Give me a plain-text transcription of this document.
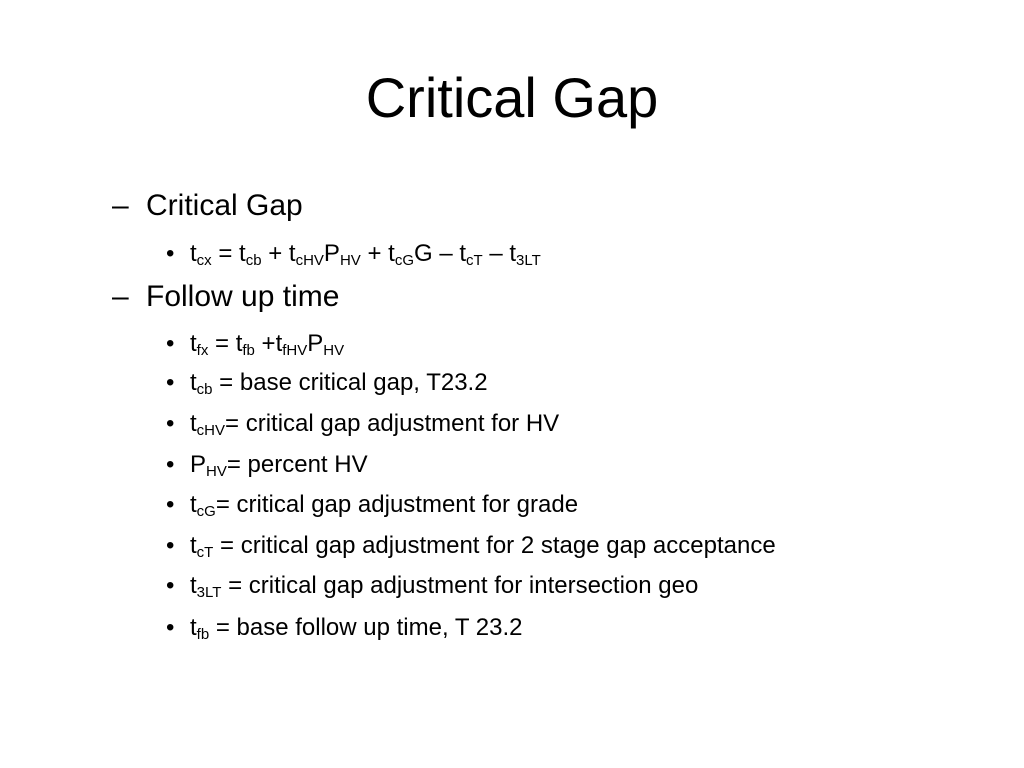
Critical Gap
– Critical Gap
• $t_{cx} = t_{cb} + t_{cHV}P_{HV} + t_{cG}G - t_{cT} - t_{3LT}$
– Follow up time
• $t_{fx} = t_{fb} +t_{fHV}P_{HV}$
• $t_{cb}$ = base critical gap, T23.2
• $t_{cHV}=$ critical gap adjustment for HV
• $P_{HV}=$ percent HV
• $t_{cG}=$ critical gap adjustment for grade
• $t_{cT}$ = critical gap adjustment for 2 stage gap acceptance
• $t_{3LT}$ = critical gap adjustment for intersection geo
• $t_{fb}$ = base follow up time, T 23.2
